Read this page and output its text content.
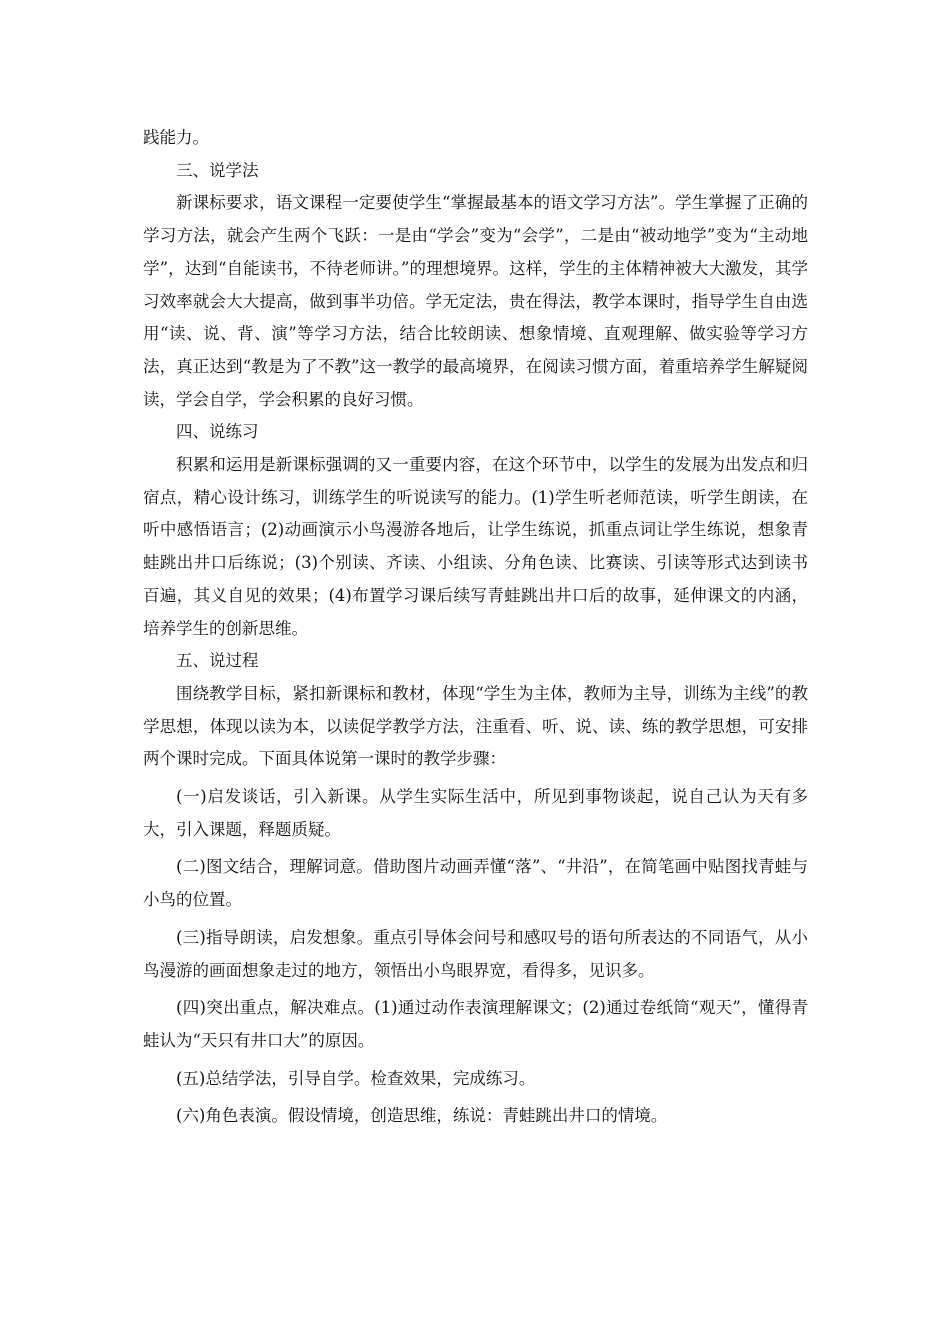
践能力。

三、说学法

新课标要求，语文课程一定要使学生“掌握最基本的语文学习方法”。学生掌握了正确的学习方法，就会产生两个飞跃：一是由“学会”变为“会学”，二是由“被动地学”变为“主动地学”，达到“自能读书，不待老师讲。”的理想境界。这样，学生的主体精神被大大激发，其学习效率就会大大提高，做到事半功倍。学无定法，贵在得法，教学本课时，指导学生自由选用“读、说、背、演”等学习方法，结合比较朗读、想象情境、直观理解、做实验等学习方法，真正达到“教是为了不教”这一教学的最高境界，在阅读习惯方面，着重培养学生解疑阅读，学会自学，学会积累的良好习惯。

四、说练习

积累和运用是新课标强调的又一重要内容，在这个环节中，以学生的发展为出发点和归宿点，精心设计练习，训练学生的听说读写的能力。(1)学生听老师范读，听学生朗读，在听中感悟语言；(2)动画演示小鸟漫游各地后，让学生练说，抓重点词让学生练说，想象青蛙跳出井口后练说；(3)个别读、齐读、小组读、分角色读、比赛读、引读等形式达到读书百遍，其义自见的效果；(4)布置学习课后续写青蛙跳出井口后的故事，延伸课文的内涵，培养学生的创新思维。

五、说过程

围绕教学目标，紧扣新课标和教材，体现“学生为主体，教师为主导，训练为主线”的教学思想，体现以读为本，以读促学教学方法，注重看、听、说、读、练的教学思想，可安排两个课时完成。下面具体说第一课时的教学步骤：

(一)启发谈话，引入新课。从学生实际生活中，所见到事物谈起，说自己认为天有多大，引入课题，释题质疑。

(二)图文结合，理解词意。借助图片动画弄懂“落”、“井沿”，在简笔画中贴图找青蛙与小鸟的位置。

(三)指导朗读，启发想象。重点引导体会问号和感叹号的语句所表达的不同语气，从小鸟漫游的画面想象走过的地方，领悟出小鸟眼界宽，看得多，见识多。

(四)突出重点，解决难点。(1)通过动作表演理解课文；(2)通过卷纸筒“观天”，懂得青蛙认为“天只有井口大”的原因。

(五)总结学法，引导自学。检查效果，完成练习。

(六)角色表演。假设情境，创造思维，练说：青蛙跳出井口的情境。
